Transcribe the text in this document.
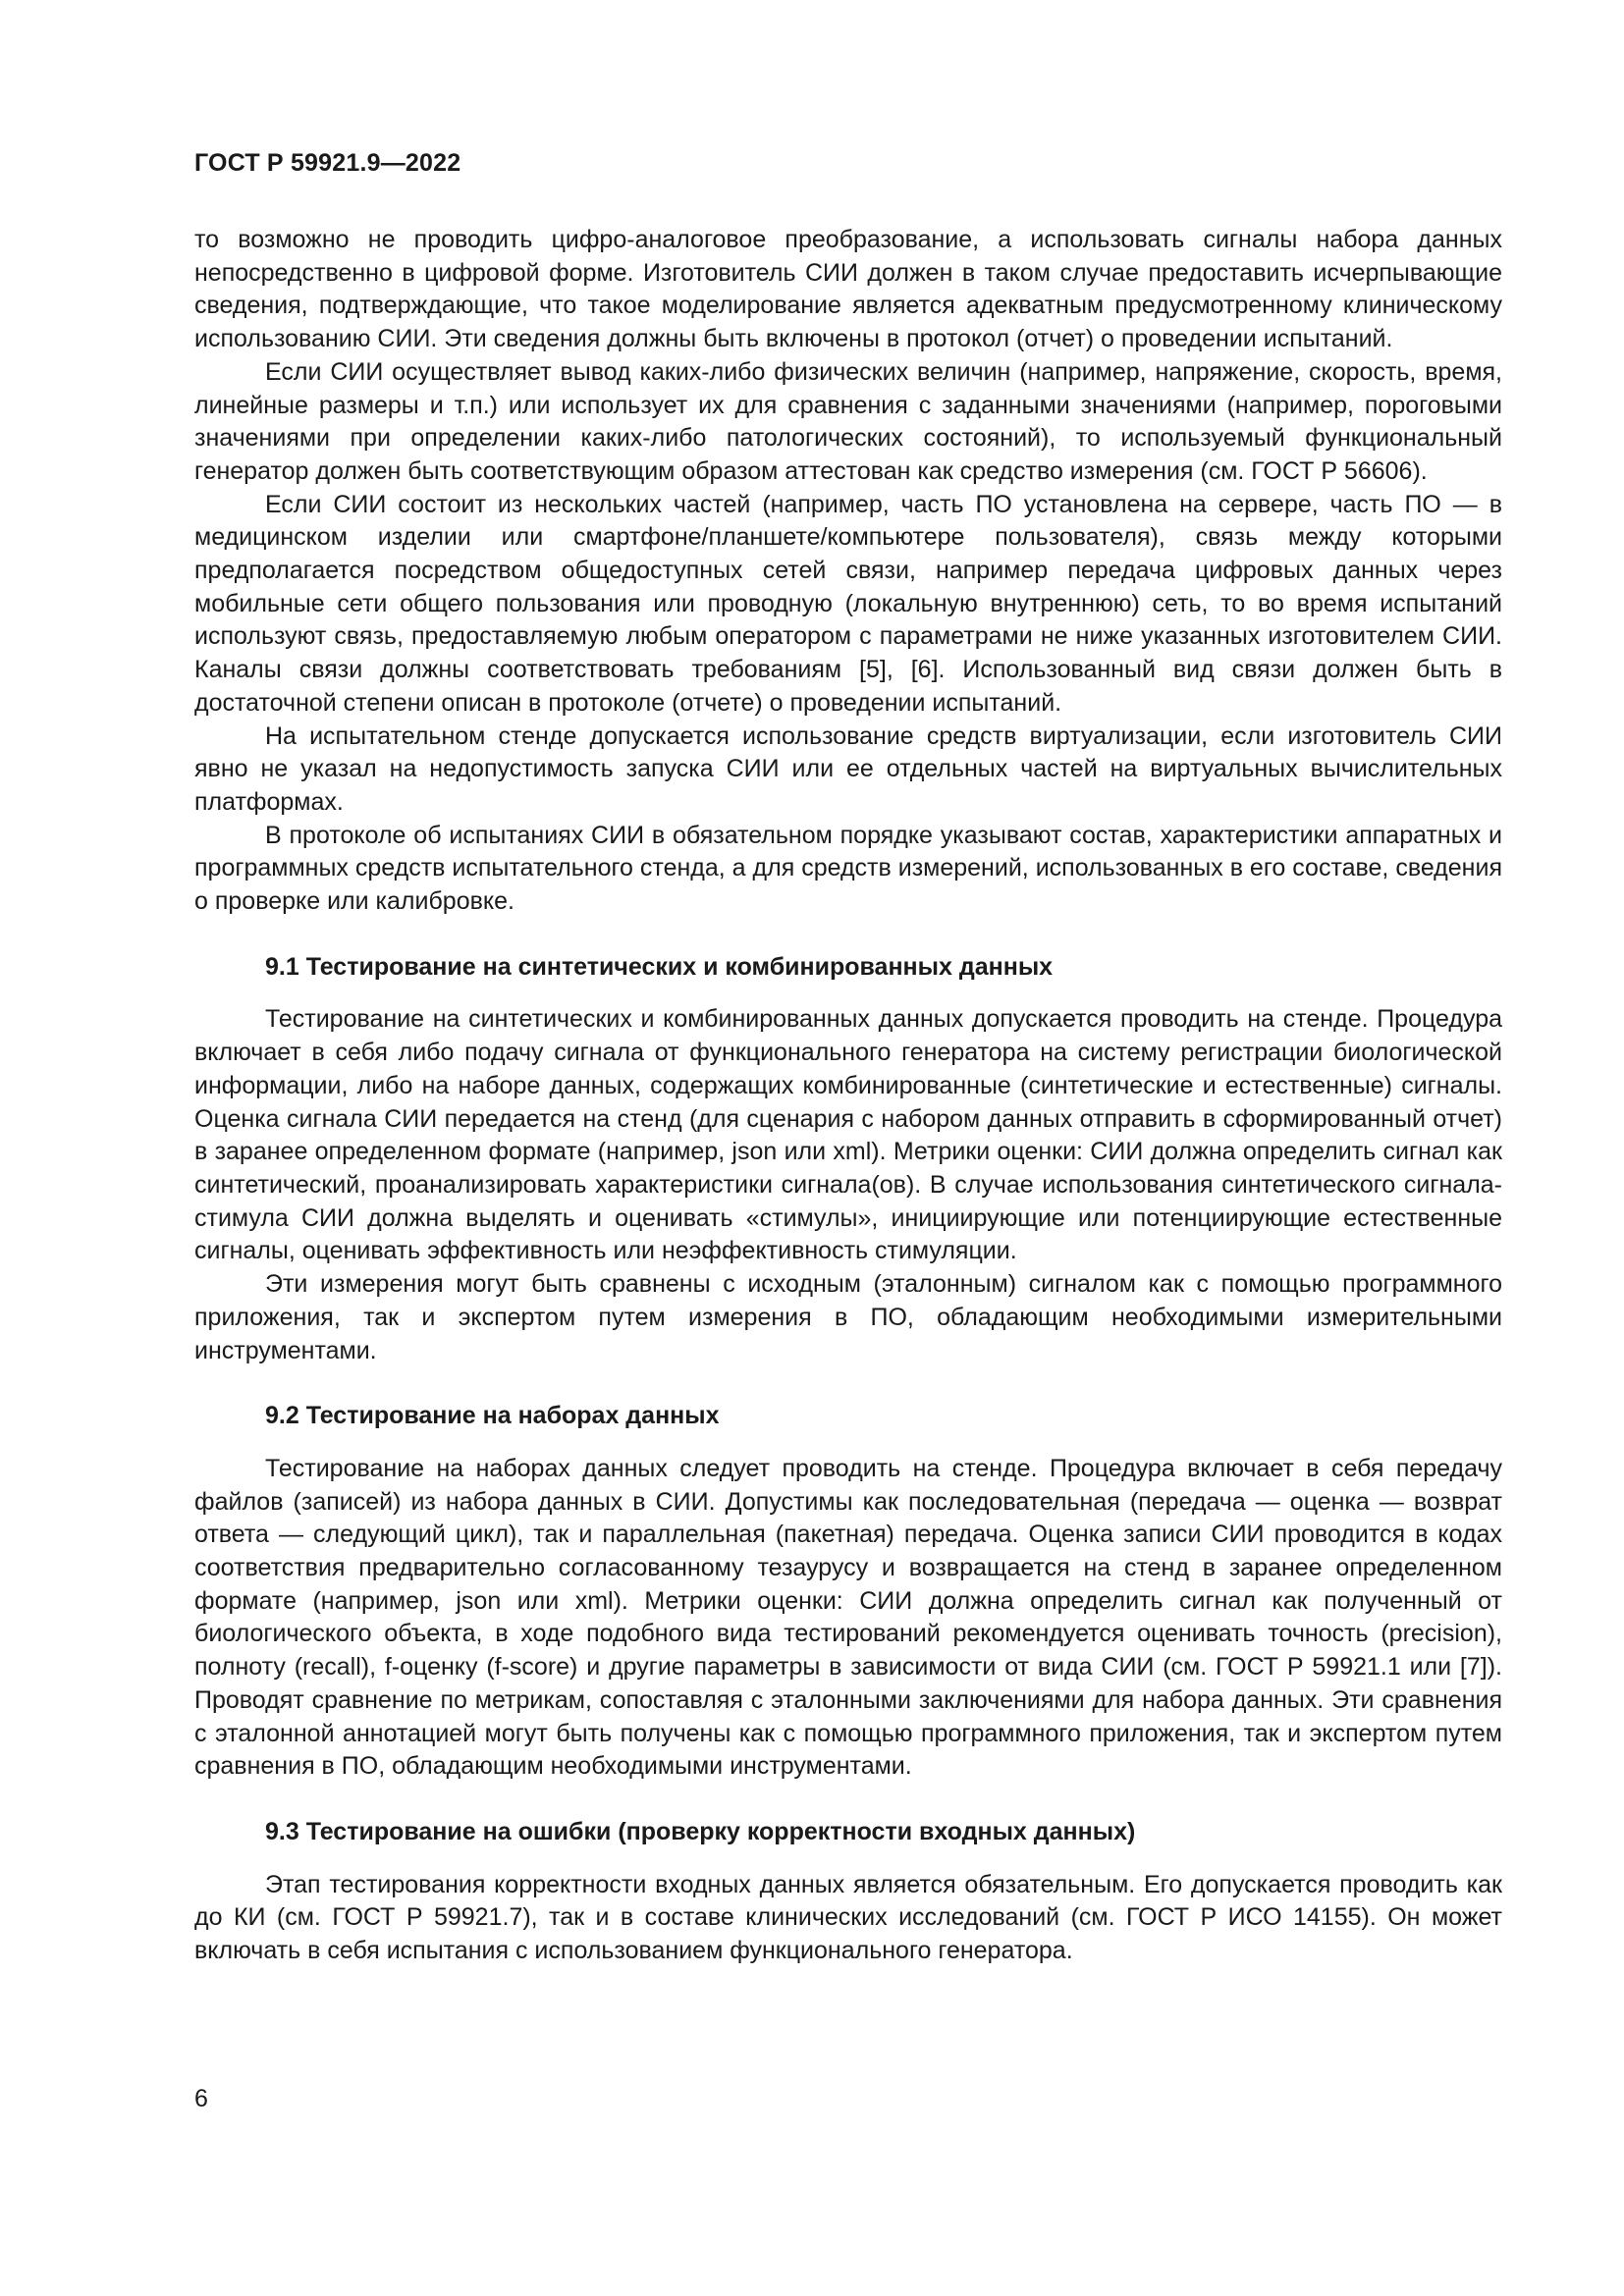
ГОСТ Р 59921.9—2022

то возможно не проводить цифро-аналоговое преобразование, а использовать сигналы набора данных непосредственно в цифровой форме. Изготовитель СИИ должен в таком случае предоставить исчерпывающие сведения, подтверждающие, что такое моделирование является адекватным предусмотренному клиническому использованию СИИ. Эти сведения должны быть включены в протокол (отчет) о проведении испытаний.

Если СИИ осуществляет вывод каких-либо физических величин (например, напряжение, скорость, время, линейные размеры и т.п.) или использует их для сравнения с заданными значениями (например, пороговыми значениями при определении каких-либо патологических состояний), то используемый функциональный генератор должен быть соответствующим образом аттестован как средство измерения (см. ГОСТ Р 56606).

Если СИИ состоит из нескольких частей (например, часть ПО установлена на сервере, часть ПО — в медицинском изделии или смартфоне/планшете/компьютере пользователя), связь между которыми предполагается посредством общедоступных сетей связи, например передача цифровых данных через мобильные сети общего пользования или проводную (локальную внутреннюю) сеть, то во время испытаний используют связь, предоставляемую любым оператором с параметрами не ниже указанных изготовителем СИИ. Каналы связи должны соответствовать требованиям [5], [6]. Использованный вид связи должен быть в достаточной степени описан в протоколе (отчете) о проведении испытаний.

На испытательном стенде допускается использование средств виртуализации, если изготовитель СИИ явно не указал на недопустимость запуска СИИ или ее отдельных частей на виртуальных вычислительных платформах.

В протоколе об испытаниях СИИ в обязательном порядке указывают состав, характеристики аппаратных и программных средств испытательного стенда, а для средств измерений, использованных в его составе, сведения о проверке или калибровке.

9.1 Тестирование на синтетических и комбинированных данных

Тестирование на синтетических и комбинированных данных допускается проводить на стенде. Процедура включает в себя либо подачу сигнала от функционального генератора на систему регистрации биологической информации, либо на наборе данных, содержащих комбинированные (синтетические и естественные) сигналы. Оценка сигнала СИИ передается на стенд (для сценария с набором данных отправить в сформированный отчет) в заранее определенном формате (например, json или xml). Метрики оценки: СИИ должна определить сигнал как синтетический, проанализировать характеристики сигнала(ов). В случае использования синтетического сигнала-стимула СИИ должна выделять и оценивать «стимулы», инициирующие или потенциирующие естественные сигналы, оценивать эффективность или неэффективность стимуляции.

Эти измерения могут быть сравнены с исходным (эталонным) сигналом как с помощью программного приложения, так и экспертом путем измерения в ПО, обладающим необходимыми измерительными инструментами.

9.2 Тестирование на наборах данных

Тестирование на наборах данных следует проводить на стенде. Процедура включает в себя передачу файлов (записей) из набора данных в СИИ. Допустимы как последовательная (передача — оценка — возврат ответа — следующий цикл), так и параллельная (пакетная) передача. Оценка записи СИИ проводится в кодах соответствия предварительно согласованному тезаурусу и возвращается на стенд в заранее определенном формате (например, json или xml). Метрики оценки: СИИ должна определить сигнал как полученный от биологического объекта, в ходе подобного вида тестирований рекомендуется оценивать точность (precision), полноту (recall), f-оценку (f-score) и другие параметры в зависимости от вида СИИ (см. ГОСТ Р 59921.1 или [7]). Проводят сравнение по метрикам, сопоставляя с эталонными заключениями для набора данных. Эти сравнения с эталонной аннотацией могут быть получены как с помощью программного приложения, так и экспертом путем сравнения в ПО, обладающим необходимыми инструментами.

9.3 Тестирование на ошибки (проверку корректности входных данных)

Этап тестирования корректности входных данных является обязательным. Его допускается проводить как до КИ (см. ГОСТ Р 59921.7), так и в составе клинических исследований (см. ГОСТ Р ИСО 14155). Он может включать в себя испытания с использованием функционального генератора.

6
